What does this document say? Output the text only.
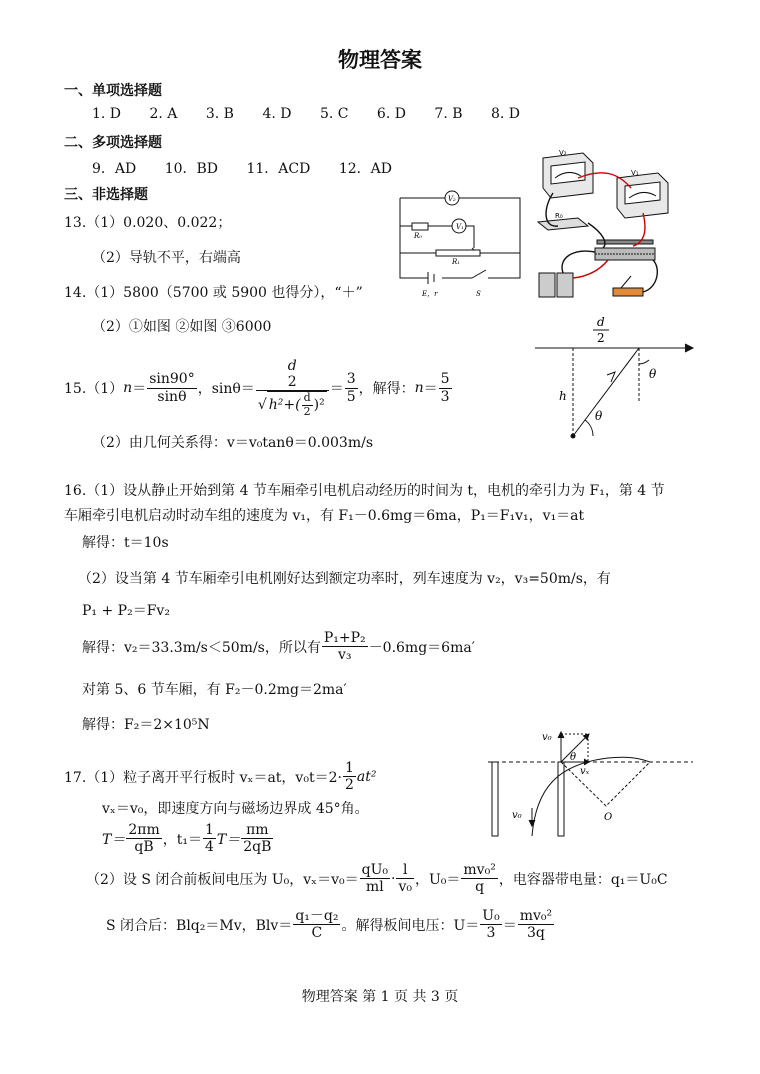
物理答案
一、单项选择题
1. D 2. A 3. B 4. D 5. C 6. D 7. B 8. D
二、多项选择题
9．AD 10．BD 11．ACD 12．AD
三、非选择题
13.（1）0.020、0.022；
（2）导轨不平，右端高
14.（1）5800（5700 或 5900 也得分），“＋”
（2）①如图 ②如图 ③6000
15.（1） $n = \frac{\sin 90^\circ}{\sin\theta}$ ，sinθ＝
d
2
√ $h^2+( \frac{d}{2} )^2$
＝ $\frac{3}{5}$ ，解得： $n = \frac{5}{3}$
（2）由几何关系得：v＝v₀tanθ＝0.003m/s
16.（1）设从静止开始到第 4 节车厢牵引电机启动经历的时间为 t，电机的牵引力为 F₁，第 4 节
车厢牵引电机启动时动车组的速度为 v₁，有 F₁－0.6mg＝6ma，P₁＝F₁v₁，v₁＝at
解得：t＝10s
（2）设当第 4 节车厢牵引电机刚好达到额定功率时，列车速度为 v₂，v₃=50m/s，有
P₁ + P₂＝Fv₂
解得：v₂＝33.3m/s＜50m/s，所以有 $\frac{\text{P₁+P₂}}{\text{v₃}} -0.6mg=6ma'$
对第 5、6 节车厢，有 F₂－0.2mg＝2ma′
解得：F₂＝2×10⁵N
17.（1）粒子离开平行板时 vₓ＝at，$v_0t=2\cdot \frac{1}{2} at^2$
vₓ＝v₀，即速度方向与磁场边界成 45°角。
$T= \frac{2\pi m}{qB}$ ，$t_1= \frac{1}{4} T= \frac{\pi m}{2qB}$
（2）设 S 闭合前板间电压为 U₀，$v_x=v_0= \frac{\text{qU₀}}{ml} \cdot \frac{l}{\text{v₀}}$ ，$U_0= \frac{\text{mv₀²}}{q}$ ，电容器带电量：q₁＝U₀C
S 闭合后：Blq₂＝Mv，$Blv= \frac{\text{q₁－q₂}}{C}$ 。解得板间电压：$U= \frac{\text{U₀}}{3} = \frac{\text{mv₀²}}{3q}$
V₂
V₁
R₀
R₁
E，r	S
V₂
V₁
R₀
d
2
θ
h
θ
v₀
θ
vₓ
v₀	O
物理答案 第 1 页 共 3 页
